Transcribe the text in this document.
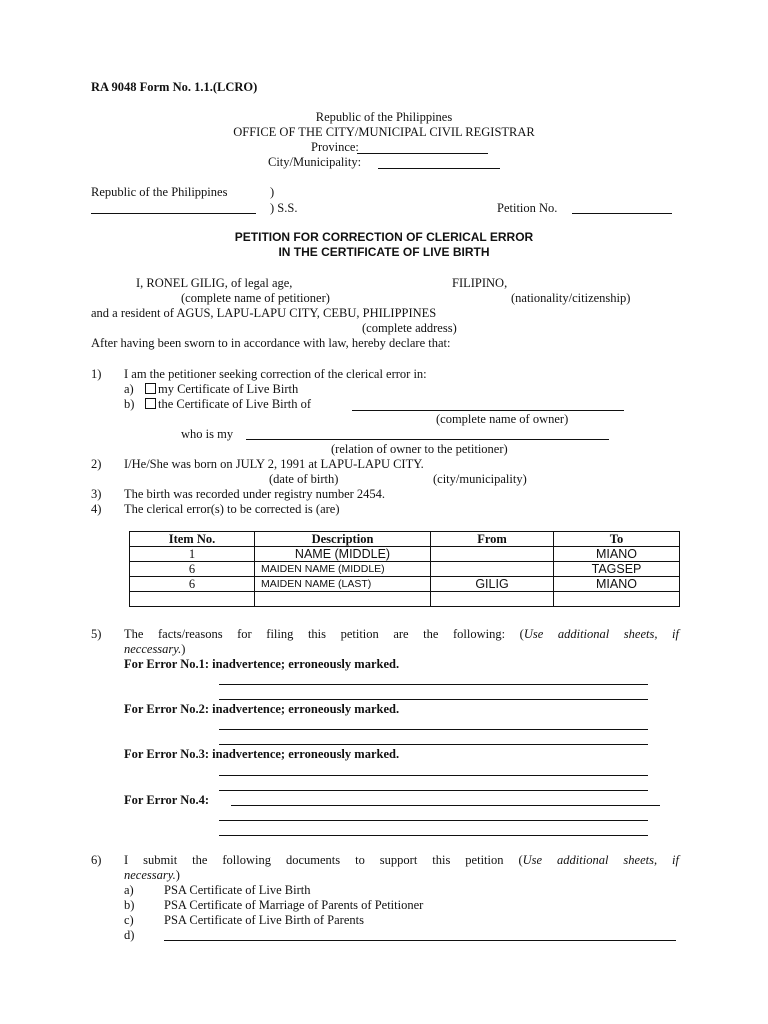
RA 9048 Form No. 1.1.(LCRO)
Republic of the Philippines
OFFICE OF THE CITY/MUNICIPAL CIVIL REGISTRAR
Province:
City/Municipality:
Republic of the Philippines	)
) S.S.	Petition No.
PETITION FOR CORRECTION OF CLERICAL ERROR
IN THE CERTIFICATE OF LIVE BIRTH
I, RONEL GILIG, of legal age,	FILIPINO,
(complete name of petitioner)	(nationality/citizenship)
and a resident of AGUS, LAPU-LAPU CITY, CEBU, PHILIPPINES
(complete address)
After having been sworn to in accordance with law, hereby declare that:
1) I am the petitioner seeking correction of the clerical error in:
a)	my Certificate of Live Birth
b)	the Certificate of Live Birth of
(complete name of owner)
who is my
(relation of owner to the petitioner)
2) I/He/She was born on JULY 2, 1991 at LAPU-LAPU CITY.
(date of birth)	(city/municipality)
3) The birth was recorded under registry number 2454.
4) The clerical error(s) to be corrected is (are)
Item No.	Description	From	To
1	NAME (MIDDLE)		MIANO
6	MAIDEN NAME (MIDDLE)		TAGSEP
6	MAIDEN NAME (LAST)	GILIG	MIANO

5) The facts/reasons for filing this petition are the following: (Use additional sheets, if
neccessary.)
For Error No.1: inadvertence; erroneously marked.
For Error No.2: inadvertence; erroneously marked.
For Error No.3: inadvertence; erroneously marked.
For Error No.4:
6) I submit the following documents to support this petition (Use additional sheets, if
necessary.)
a) PSA Certificate of Live Birth
b) PSA Certificate of Marriage of Parents of Petitioner
c) PSA Certificate of Live Birth of Parents
d)
